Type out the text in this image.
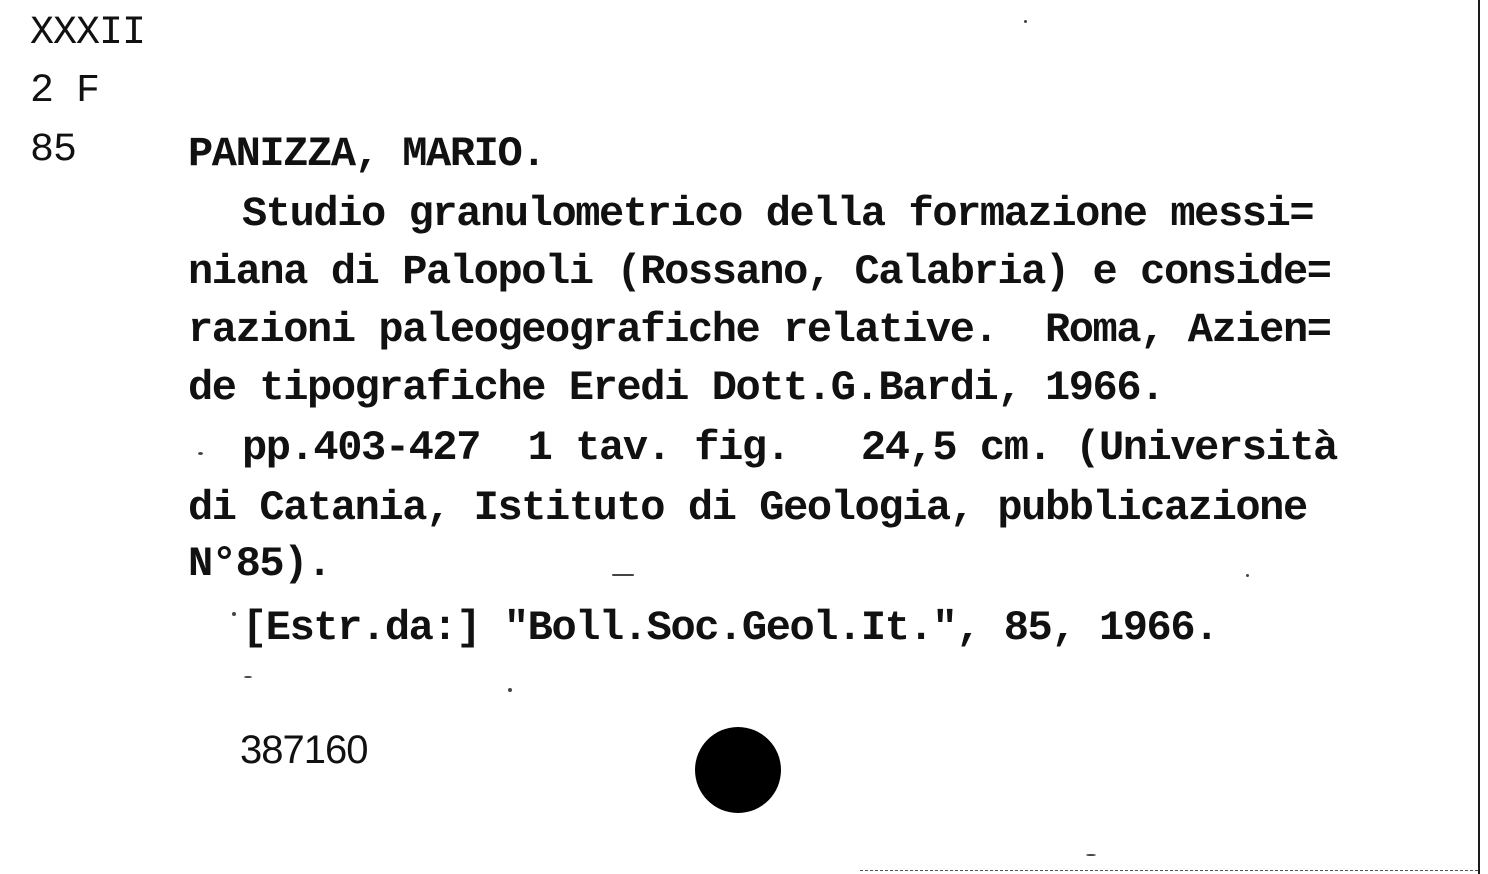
XXXII
2 F
85	PANIZZA, MARIO.
Studio granulometrico della formazione messi=
niana di Palopoli (Rossano, Calabria) e conside=
razioni paleogeografiche relative.  Roma, Azien=
de tipografiche Eredi Dott.G.Bardi, 1966.
pp.403-427  1 tav. fig.   24,5 cm. (Università
di Catania, Istituto di Geologia, pubblicazione
N°85).
[Estr.da:] "Boll.Soc.Geol.It.", 85, 1966.
387160
